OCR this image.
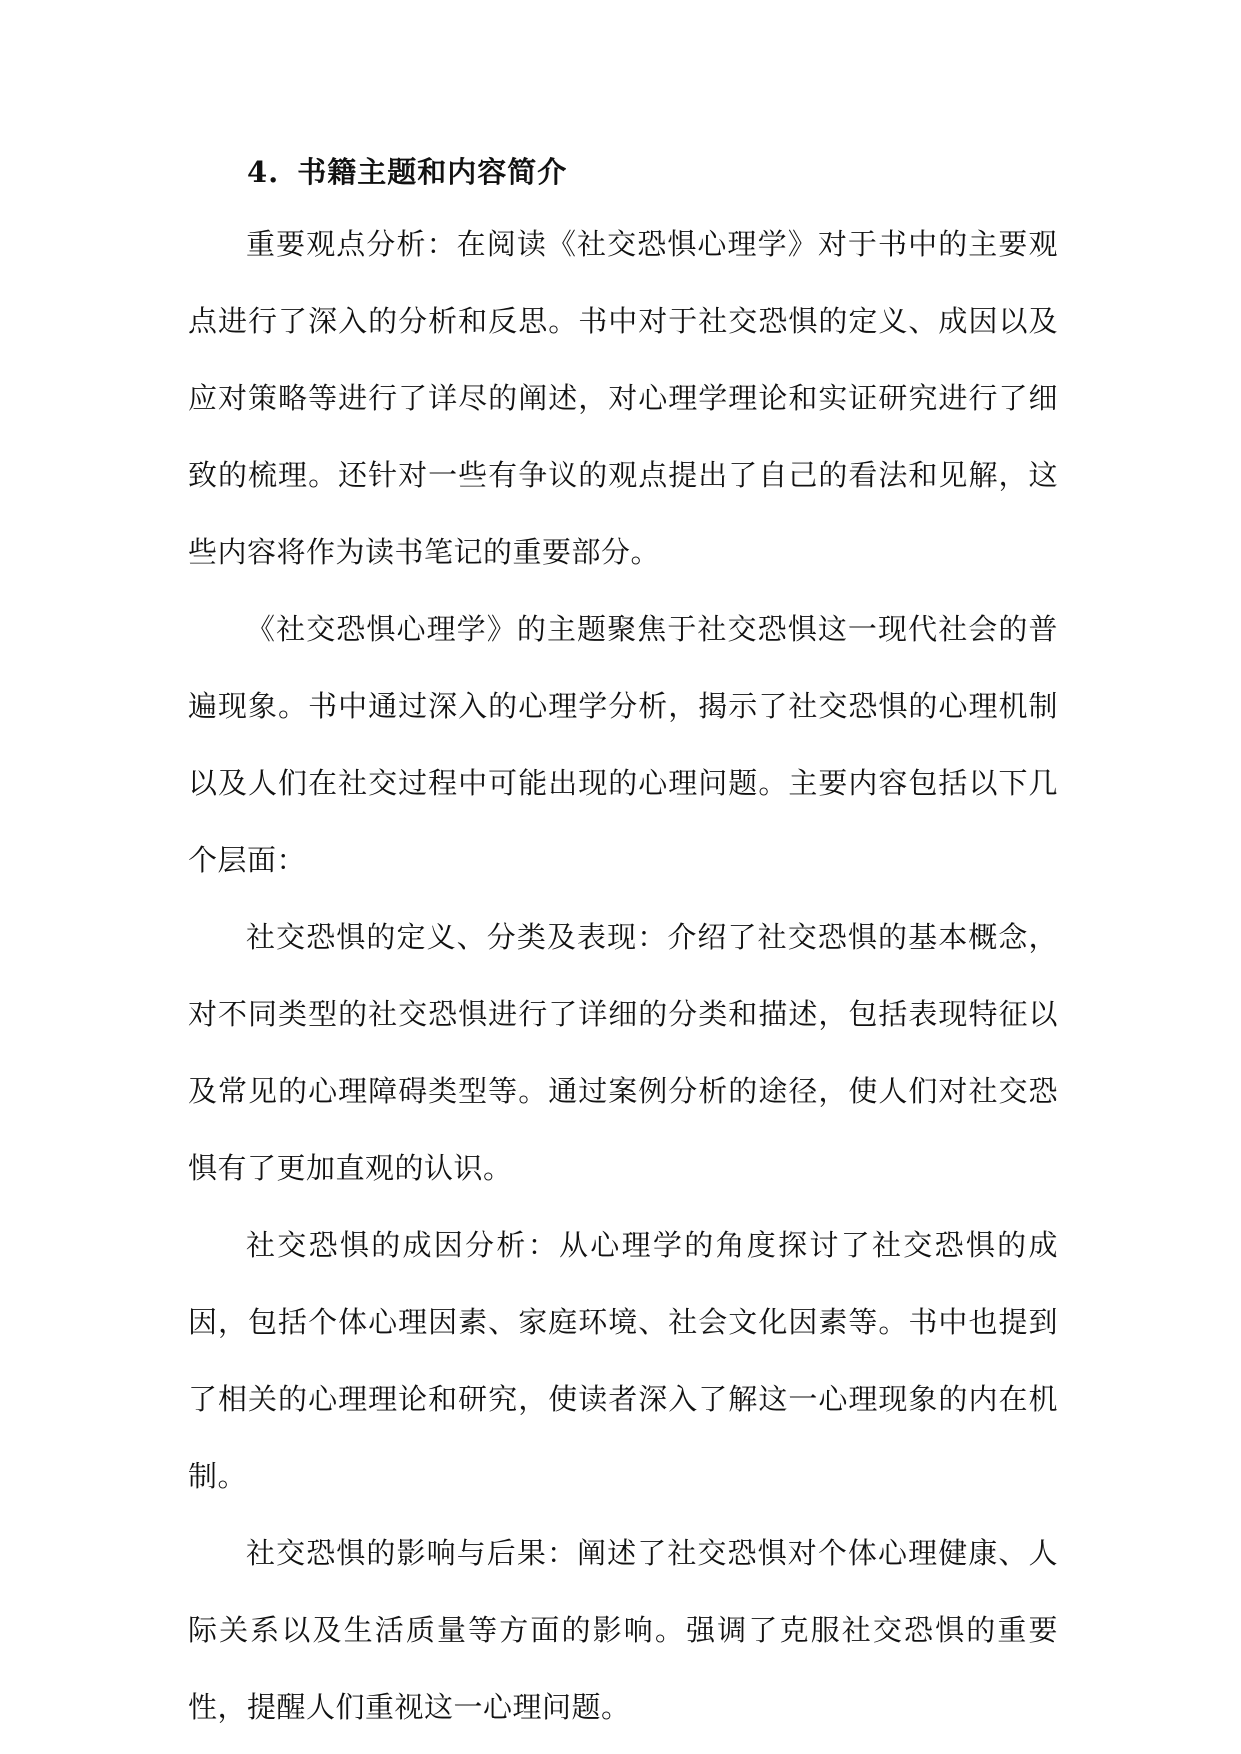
4. 书籍主题和内容简介

重要观点分析：在阅读《社交恐惧心理学》对于书中的主要观点进行了深入的分析和反思。书中对于社交恐惧的定义、成因以及应对策略等进行了详尽的阐述，对心理学理论和实证研究进行了细致的梳理。还针对一些有争议的观点提出了自己的看法和见解，这些内容将作为读书笔记的重要部分。

《社交恐惧心理学》的主题聚焦于社交恐惧这一现代社会的普遍现象。书中通过深入的心理学分析，揭示了社交恐惧的心理机制以及人们在社交过程中可能出现的心理问题。主要内容包括以下几个层面：

社交恐惧的定义、分类及表现：介绍了社交恐惧的基本概念，对不同类型的社交恐惧进行了详细的分类和描述，包括表现特征以及常见的心理障碍类型等。通过案例分析的途径，使人们对社交恐惧有了更加直观的认识。

社交恐惧的成因分析：从心理学的角度探讨了社交恐惧的成因，包括个体心理因素、家庭环境、社会文化因素等。书中也提到了相关的心理理论和研究，使读者深入了解这一心理现象的内在机制。

社交恐惧的影响与后果：阐述了社交恐惧对个体心理健康、人际关系以及生活质量等方面的影响。强调了克服社交恐惧的重要性，提醒人们重视这一心理问题。
